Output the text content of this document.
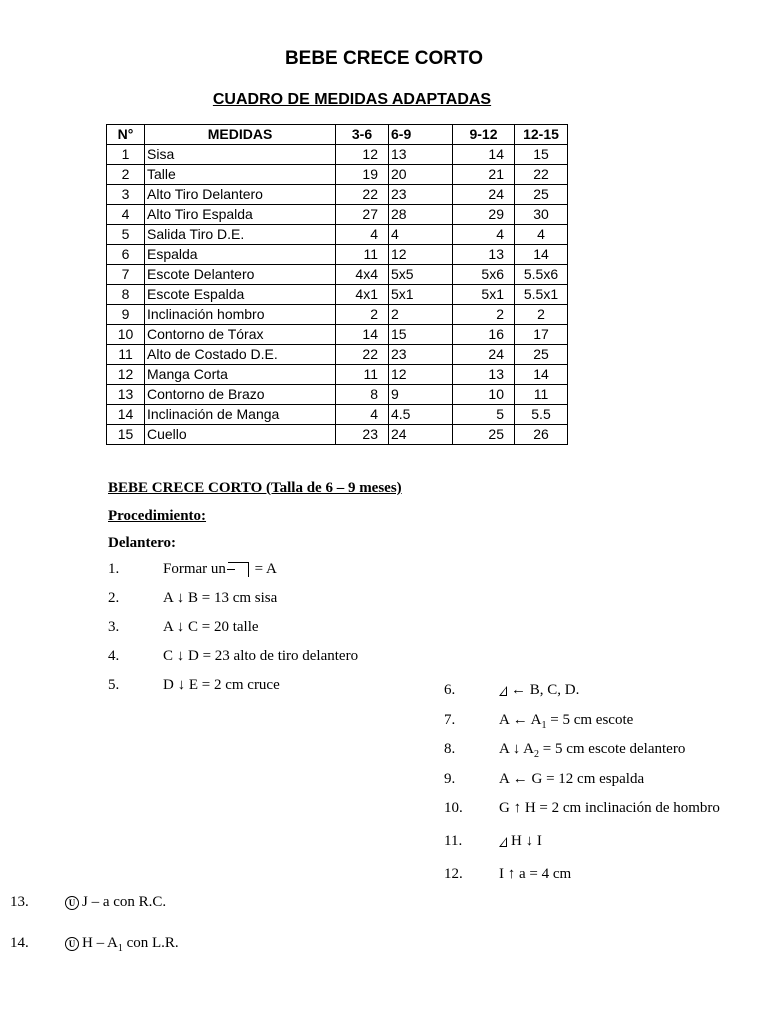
BEBE CRECE CORTO
CUADRO DE MEDIDAS ADAPTADAS
N°	MEDIDAS	3-6	6-9	9-12	12-15
1	Sisa	12	13	14	15
2	Talle	19	20	21	22
3	Alto Tiro Delantero	22	23	24	25
4	Alto Tiro Espalda	27	28	29	30
5	Salida Tiro D.E.	4	4	4	4
6	Espalda	11	12	13	14
7	Escote Delantero	4x4	5x5	5x6	5.5x6
8	Escote Espalda	4x1	5x1	5x1	5.5x1
9	Inclinación hombro	2	2	2	2
10	Contorno de Tórax	14	15	16	17
11	Alto de Costado D.E.	22	23	24	25
12	Manga Corta	11	12	13	14
13	Contorno de Brazo	8	9	10	11
14	Inclinación de Manga	4	4.5	5	5.5
15	Cuello	23	24	25	26
BEBE CRECE CORTO (Talla de 6 – 9 meses)
Procedimiento:
Delantero:
1.	Formar un = A
2.	A ↓ B = 13 cm sisa
3.	A ↓ C = 20 talle
4.	C ↓ D = 23 alto de tiro delantero
5.	D ↓ E = 2 cm cruce	6.	← B, C, D.
7.	A ← $A_1 = 5$ cm escote
8.	A ↓ $A_2 = 5$ cm escote delantero
9.	A ← G = 12 cm espalda
10. G ↑ H = 2 cm inclinación de hombro
11.	H ↓ I
12. I ↑ a = 4 cm
13.	U J – a con R.C.
14.	U H – $A_1$ con L.R.
